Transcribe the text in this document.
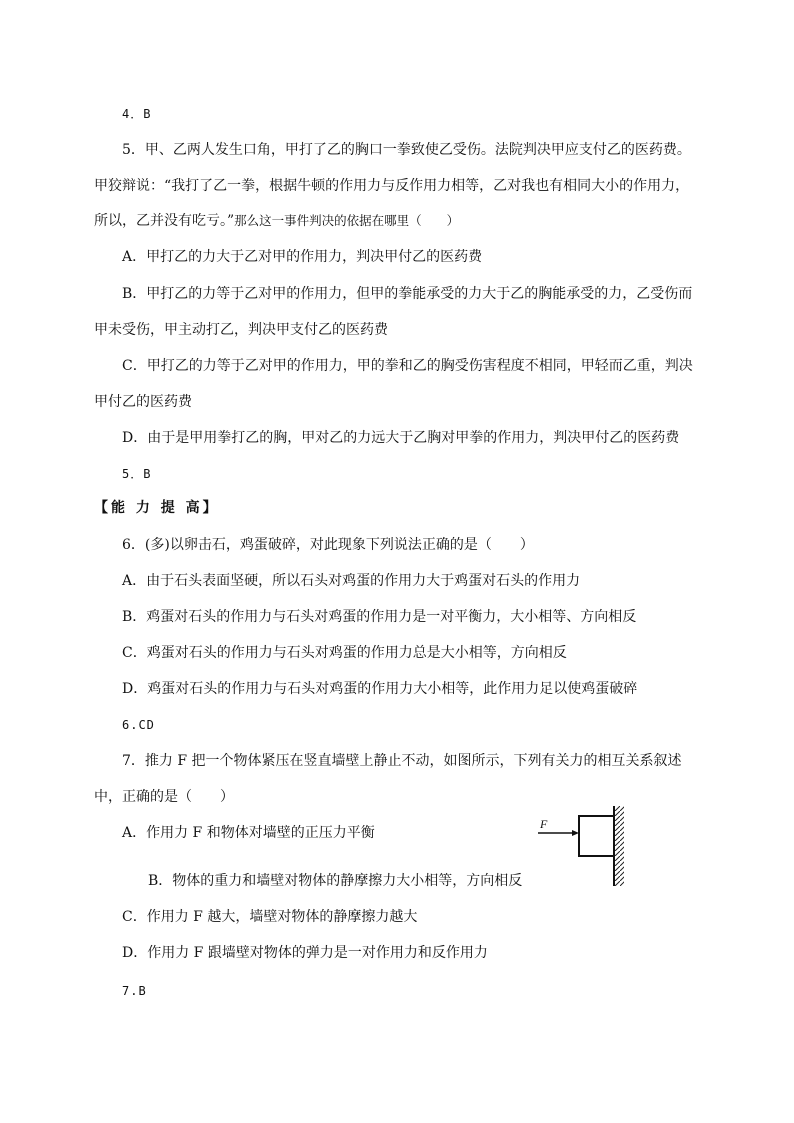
4．B
5．甲、乙两人发生口角，甲打了乙的胸口一拳致使乙受伤。法院判决甲应支付乙的医药费。
甲狡辩说：“我打了乙一拳，根据牛顿的作用力与反作用力相等，乙对我也有相同大小的作用力，
所以，乙并没有吃亏。”那么这一事件判决的依据在哪里（　　）
A．甲打乙的力大于乙对甲的作用力，判决甲付乙的医药费
B．甲打乙的力等于乙对甲的作用力，但甲的拳能承受的力大于乙的胸能承受的力，乙受伤而
甲未受伤，甲主动打乙，判决甲支付乙的医药费
C．甲打乙的力等于乙对甲的作用力，甲的拳和乙的胸受伤害程度不相同，甲轻而乙重，判决
甲付乙的医药费
D．由于是甲用拳打乙的胸，甲对乙的力远大于乙胸对甲拳的作用力，判决甲付乙的医药费
5．B
【能 力 提 高】
6．(多)以卵击石，鸡蛋破碎，对此现象下列说法正确的是（　　）
A．由于石头表面坚硬，所以石头对鸡蛋的作用力大于鸡蛋对石头的作用力
B．鸡蛋对石头的作用力与石头对鸡蛋的作用力是一对平衡力，大小相等、方向相反
C．鸡蛋对石头的作用力与石头对鸡蛋的作用力总是大小相等，方向相反
D．鸡蛋对石头的作用力与石头对鸡蛋的作用力大小相等，此作用力足以使鸡蛋破碎
6.CD
7．推力 F 把一个物体紧压在竖直墙壁上静止不动，如图所示，下列有关力的相互关系叙述
中，正确的是（　　）
A．作用力 F 和物体对墙壁的正压力平衡
B．物体的重力和墙壁对物体的静摩擦力大小相等，方向相反
C．作用力 F 越大，墙壁对物体的静摩擦力越大
D．作用力 F 跟墙壁对物体的弹力是一对作用力和反作用力
7.B
F
